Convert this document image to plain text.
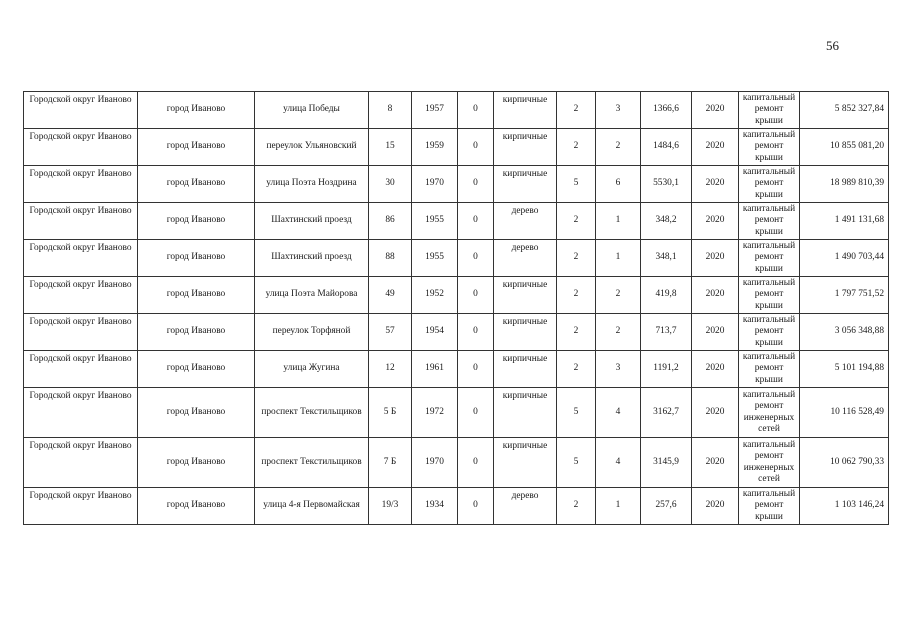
56
Городской округ Иваново	город Иваново	улица Победы	8	1957	0	кирпичные	2	3	1366,6	2020	капитальный ремонт крыши	5 852 327,84
Городской округ Иваново	город Иваново	переулок Ульяновский	15	1959	0	кирпичные	2	2	1484,6	2020	капитальный ремонт крыши	10 855 081,20
Городской округ Иваново	город Иваново	улица Поэта Ноздрина	30	1970	0	кирпичные	5	6	5530,1	2020	капитальный ремонт крыши	18 989 810,39
Городской округ Иваново	город Иваново	Шахтинский проезд	86	1955	0	дерево	2	1	348,2	2020	капитальный ремонт крыши	1 491 131,68
Городской округ Иваново	город Иваново	Шахтинский проезд	88	1955	0	дерево	2	1	348,1	2020	капитальный ремонт крыши	1 490 703,44
Городской округ Иваново	город Иваново	улица Поэта Майорова	49	1952	0	кирпичные	2	2	419,8	2020	капитальный ремонт крыши	1 797 751,52
Городской округ Иваново	город Иваново	переулок Торфяной	57	1954	0	кирпичные	2	2	713,7	2020	капитальный ремонт крыши	3 056 348,88
Городской округ Иваново	город Иваново	улица Жугина	12	1961	0	кирпичные	2	3	1191,2	2020	капитальный ремонт крыши	5 101 194,88
Городской округ Иваново	город Иваново	проспект Текстильщиков	5 Б	1972	0	кирпичные	5	4	3162,7	2020	капитальный ремонт инженерных сетей	10 116 528,49
Городской округ Иваново	город Иваново	проспект Текстильщиков	7 Б	1970	0	кирпичные	5	4	3145,9	2020	капитальный ремонт инженерных сетей	10 062 790,33
Городской округ Иваново	город Иваново	улица 4-я Первомайская	19/3	1934	0	дерево	2	1	257,6	2020	капитальный ремонт крыши	1 103 146,24
